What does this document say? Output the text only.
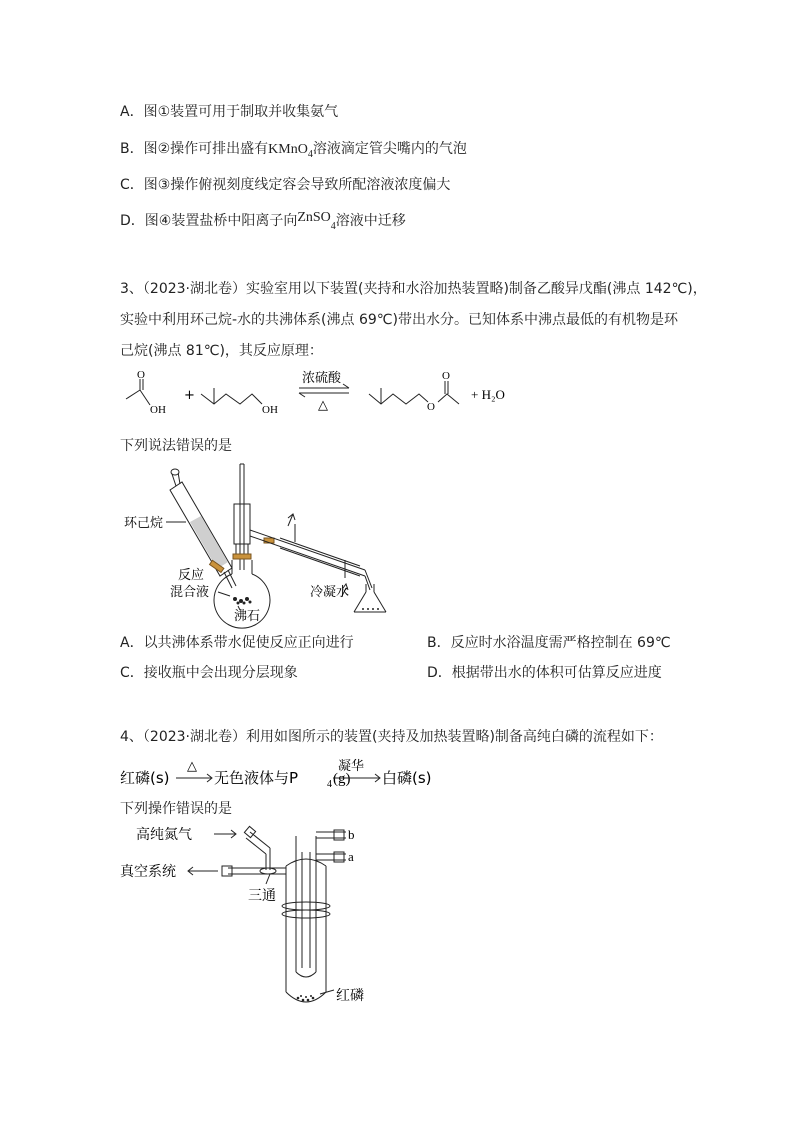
A．图①装置可用于制取并收集氨气
B．图②操作可排出盛有KMnO$_4$溶液滴定管尖嘴内的气泡
C．图③操作俯视刻度线定容会导致所配溶液浓度偏大
D．图④装置盐桥中阳离子向ZnSO$_4$溶液中迁移
3、（2023·湖北卷）实验室用以下装置(夹持和水浴加热装置略)制备乙酸异戊酯(沸点 142℃)，
实验中利用环己烷-水的共沸体系(沸点 69℃)带出水分。已知体系中沸点最低的有机物是环
己烷(沸点 81℃)，其反应原理：
O
OH
+
OH
浓硫酸
△	O
O
+ H₂O
下列说法错误的是
环己烷
反应
混合液
沸石
冷凝水
A．以共沸体系带水促使反应正向进行	B．反应时水浴温度需严格控制在 69℃
C．接收瓶中会出现分层现象	D．根据带出水的体积可估算反应进度
4、（2023·湖北卷）利用如图所示的装置(夹持及加热装置略)制备高纯白磷的流程如下：
红磷(s)
△
无色液体与P	4 (g)
凝华
白磷(s)
下列操作错误的是
高纯氮气
真空系统
三通
红磷
b
a
